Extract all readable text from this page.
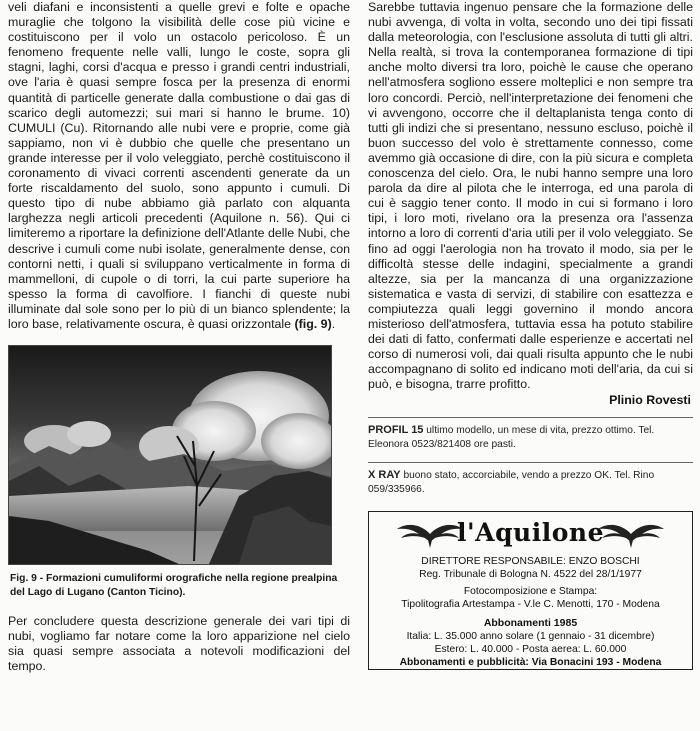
veli diafani e inconsistenti a quelle grevi e folte e opache muraglie che tolgono la visibilità delle cose più vicine e costituiscono per il volo un ostacolo pericoloso. È un fenomeno frequente nelle valli, lungo le coste, sopra gli stagni, laghi, corsi d'acqua e presso i grandi centri industriali, ove l'aria è quasi sempre fosca per la presenza di enormi quantità di particelle generate dalla combustione o dai gas di scarico degli automezzi; sui mari si hanno le brume. 10) CUMULI (Cu). Ritornando alle nubi vere e proprie, come già sappiamo, non vi è dubbio che quelle che presentano un grande interesse per il volo veleggiato, perchè costituiscono il coronamento di vivaci correnti ascendenti generate da un forte riscaldamento del suolo, sono appunto i cumuli. Di questo tipo di nube abbiamo già parlato con alquanta larghezza negli articoli precedenti (Aquilone n. 56). Qui ci limiteremo a riportare la definizione dell'Atlante delle Nubi, che descrive i cumuli come nubi isolate, generalmente dense, con contorni netti, i quali si sviluppano verticalmente in forma di mammelloni, di cupole o di torri, la cui parte superiore ha spesso la forma di cavolfiore. I fianchi di queste nubi illuminate dal sole sono per lo più di un bianco splendente; la loro base, relativamente oscura, è quasi orizzontale (fig. 9).

Fig. 9 - Formazioni cumuliformi orografiche nella regione prealpina del Lago di Lugano (Canton Ticino).

Per concludere questa descrizione generale dei vari tipi di nubi, vogliamo far notare come la loro apparizione nel cielo sia quasi sempre associata a notevoli modificazioni del tempo.

Sarebbe tuttavia ingenuo pensare che la formazione delle nubi avvenga, di volta in volta, secondo uno dei tipi fissati dalla meteorologia, con l'esclusione assoluta di tutti gli altri. Nella realtà, si trova la contemporanea formazione di tipi anche molto diversi tra loro, poichè le cause che operano nell'atmosfera sogliono essere molteplici e non sempre tra loro concordi. Perciò, nell'interpretazione dei fenomeni che vi avvengono, occorre che il deltaplanista tenga conto di tutti gli indizi che si presentano, nessuno escluso, poichè il buon successo del volo è strettamente connesso, come avemmo già occasione di dire, con la più sicura e completa conoscenza del cielo. Ora, le nubi hanno sempre una loro parola da dire al pilota che le interroga, ed una parola di cui è saggio tener conto. Il modo in cui si formano i loro tipi, i loro moti, rivelano ora la presenza ora l'assenza intorno a loro di correnti d'aria utili per il volo veleggiato. Se fino ad oggi l'aerologia non ha trovato il modo, sia per le difficoltà stesse delle indagini, specialmente a grandi altezze, sia per la mancanza di una organizzazione sistematica e vasta di servizi, di stabilire con esattezza e compiutezza quali leggi governino il mondo ancora misterioso dell'atmosfera, tuttavia essa ha potuto stabilire dei dati di fatto, confermati dalle esperienze e accertati nel corso di numerosi voli, dai quali risulta appunto che le nubi accompagnano di solito ed indicano moti dell'aria, da cui si può, e bisogna, trarre profitto.

Plinio Rovesti

PROFIL 15 ultimo modello, un mese di vita, prezzo ottimo. Tel. Eleonora 0523/821408 ore pasti.

X RAY buono stato, accorciabile, vendo a prezzo OK. Tel. Rino 059/335966.

l'Aquilone
DIRETTORE RESPONSABILE: ENZO BOSCHI
Reg. Tribunale di Bologna N. 4522 del 28/1/1977
Fotocomposizione e Stampa:
Tipolitografia Artestampa - V.le C. Menotti, 170 - Modena
Abbonamenti 1985
Italia: L. 35.000 anno solare (1 gennaio - 31 dicembre)
Estero: L. 40.000 - Posta aerea: L. 60.000
Abbonamenti e pubblicità: Via Bonacini 193 - Modena
